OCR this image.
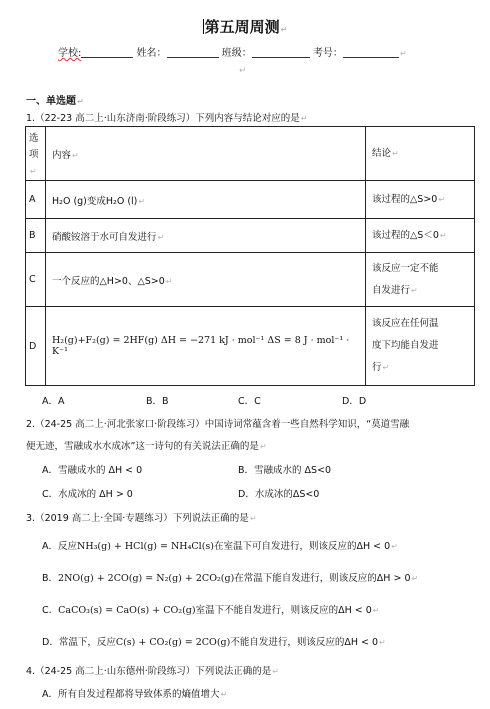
第五周周测↵
学校:	姓名：	班级：	考号：	↵
↵
一、单选题↵
1.（22-23 高二上·山东济南·阶段练习）下列内容与结论对应的是↵
选
项↵	内容↵	结论↵
A	H₂O (g)变成H₂O (l)↵	该过程的△S>0↵
B	硝酸铵溶于水可自发进行↵	该过程的△S＜0↵
C	一个反应的△H>0、△S>0↵	该反应一定不能
自发进行↵
D	H₂(g)+F₂(g) = 2HF(g) ΔH = −271 kJ · mol⁻¹ ΔS = 8 J · mol⁻¹ · K⁻¹	该反应在任何温
度下均能自发进
行↵
A．A	B．B	C．C	D．D
2.（24-25 高二上·河北张家口·阶段练习）中国诗词常蕴含着一些自然科学知识，“莫道雪融
便无迹，雪融成水水成冰”这一诗句的有关说法正确的是↵
A．雪融成水的 ΔH < 0	B．雪融成水的 ΔS<0
C．水成冰的 ΔH > 0	D．水成冰的ΔS<0
3.（2019 高二上·全国·专题练习）下列说法正确的是↵
A．反应NH₃(g) + HCl(g) = NH₄Cl(s)在室温下可自发进行，则该反应的ΔH < 0↵
B．2NO(g) + 2CO(g) = N₂(g) + 2CO₂(g)在常温下能自发进行，则该反应的ΔH > 0↵
C．CaCO₃(s) = CaO(s) + CO₂(g)室温下不能自发进行，则该反应的ΔH < 0↵
D．常温下，反应C(s) + CO₂(g) = 2CO(g)不能自发进行，则该反应的ΔH < 0↵
4.（24-25 高二上·山东德州·阶段练习）下列说法正确的是↵
A．所有自发过程都将导致体系的熵值增大↵
